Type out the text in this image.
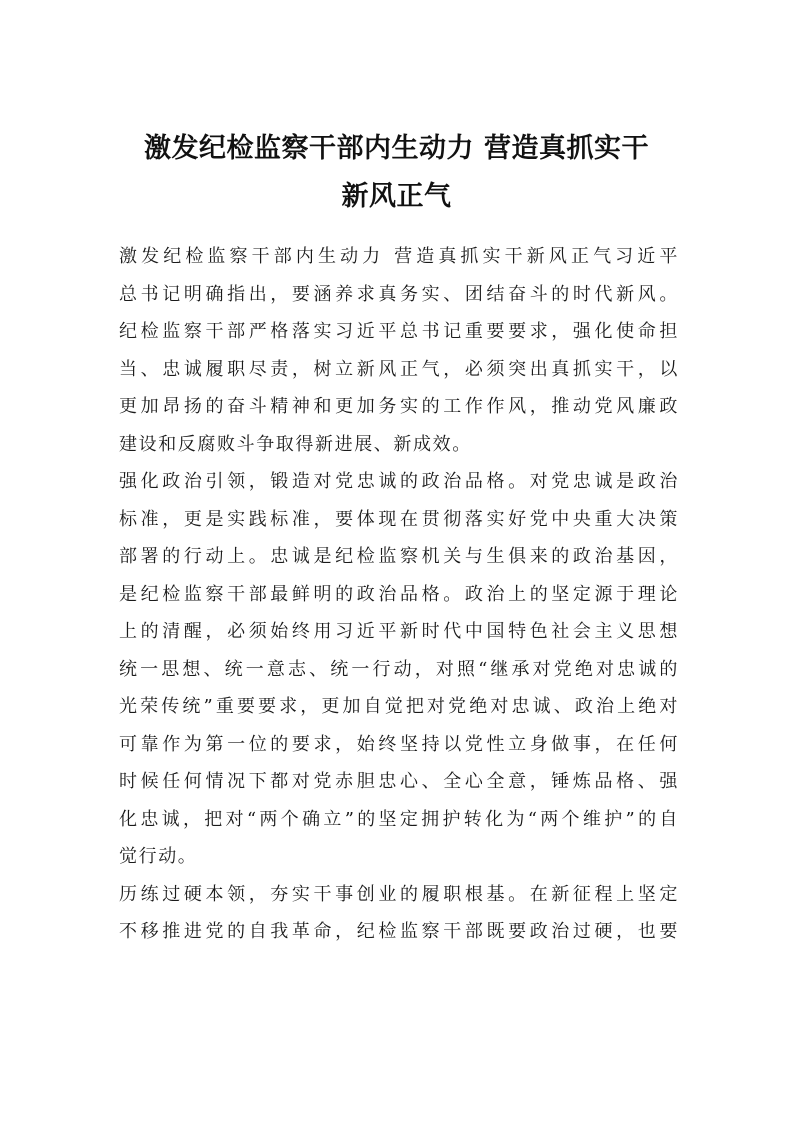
激发纪检监察干部内生动力 营造真抓实干
新风正气
激发纪检监察干部内生动力 营造真抓实干新风正气习近平
总书记明确指出，要涵养求真务实、团结奋斗的时代新风。
纪检监察干部严格落实习近平总书记重要要求，强化使命担
当、忠诚履职尽责，树立新风正气，必须突出真抓实干，以
更加昂扬的奋斗精神和更加务实的工作作风，推动党风廉政
建设和反腐败斗争取得新进展、新成效。
强化政治引领，锻造对党忠诚的政治品格。对党忠诚是政治
标准，更是实践标准，要体现在贯彻落实好党中央重大决策
部署的行动上。忠诚是纪检监察机关与生俱来的政治基因，
是纪检监察干部最鲜明的政治品格。政治上的坚定源于理论
上的清醒，必须始终用习近平新时代中国特色社会主义思想
统一思想、统一意志、统一行动，对照“继承对党绝对忠诚的
光荣传统”重要要求，更加自觉把对党绝对忠诚、政治上绝对
可靠作为第一位的要求，始终坚持以党性立身做事，在任何
时候任何情况下都对党赤胆忠心、全心全意，锤炼品格、强
化忠诚，把对“两个确立”的坚定拥护转化为“两个维护”的自
觉行动。
历练过硬本领，夯实干事创业的履职根基。在新征程上坚定
不移推进党的自我革命，纪检监察干部既要政治过硬，也要
